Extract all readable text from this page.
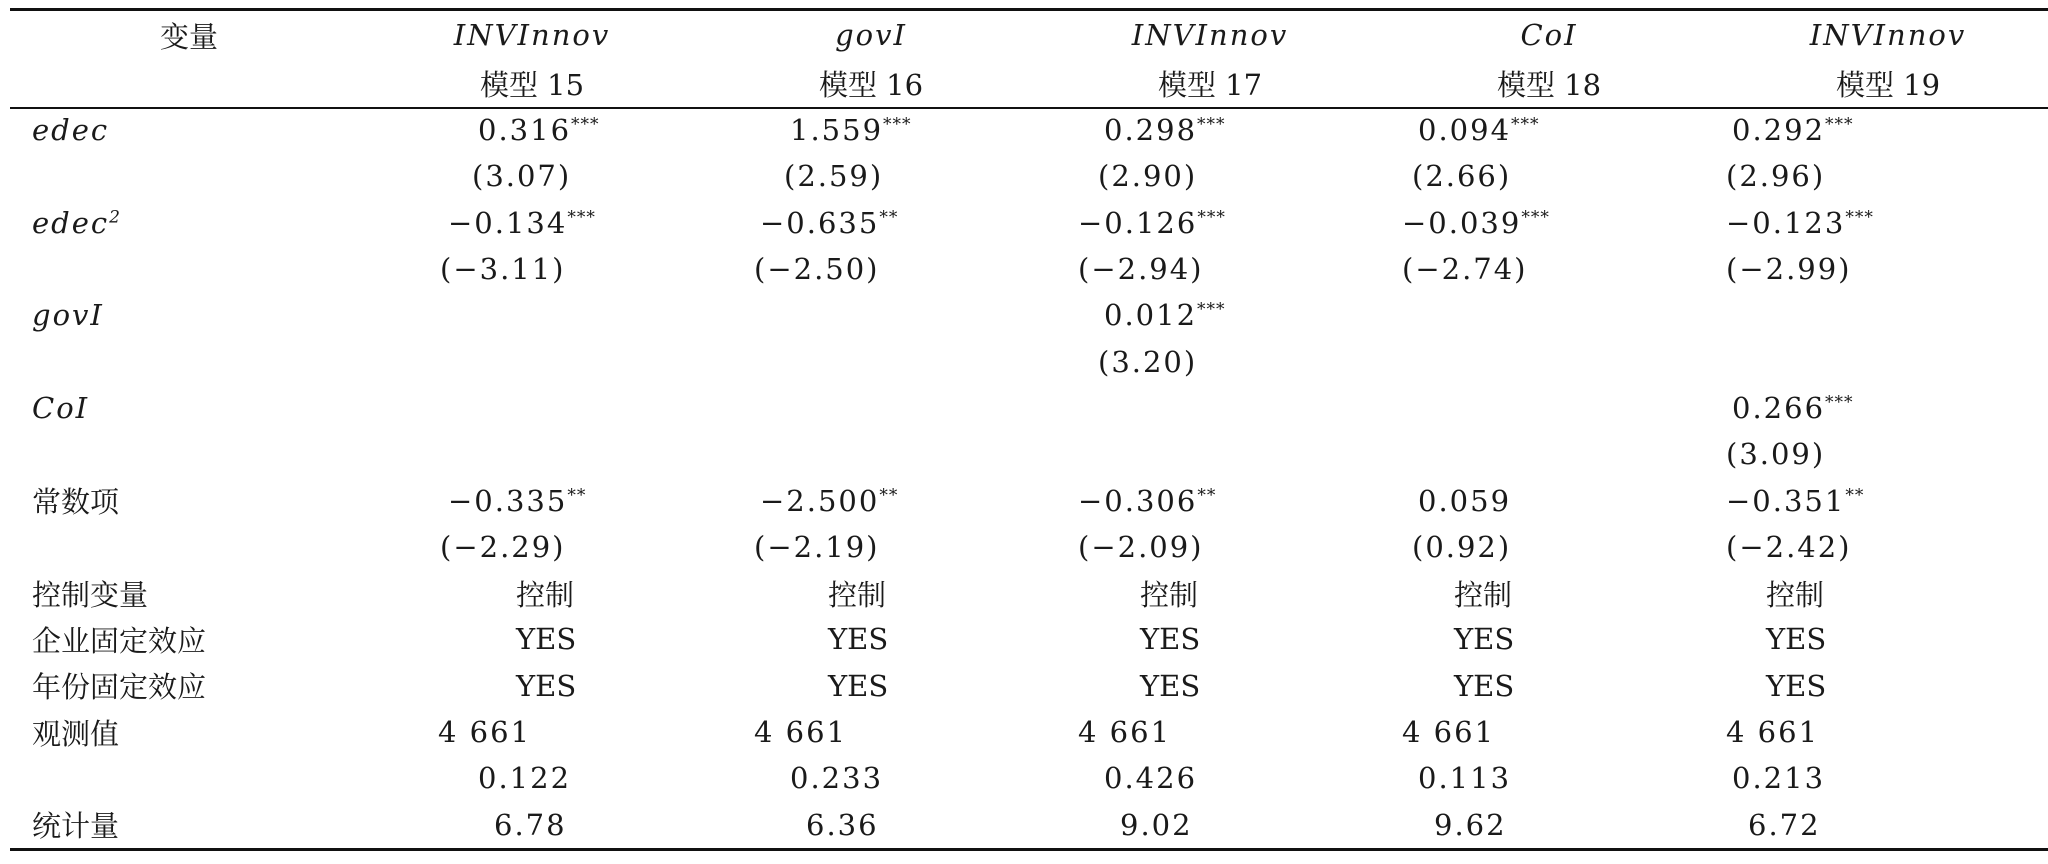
变量	INVInnov	govI	INVInnov	CoI	INVInnov
	模型 15	模型 16	模型 17	模型 18	模型 19
edec	0.316***	1.559***	0.298***	0.094***	0.292***
	(3.07)	(2.59)	(2.90)	(2.66)	(2.96)
edec$^2$	−0.134***	−0.635**	−0.126***	−0.039***	−0.123***
	(−3.11)	(−2.50)	(−2.94)	(−2.74)	(−2.99)
govI			0.012***		
			(3.20)		
CoI					0.266***
					(3.09)
常数项	−0.335**	−2.500**	−0.306**	0.059	−0.351**
	(−2.29)	(−2.19)	(−2.09)	(0.92)	(−2.42)
控制变量	控制	控制	控制	控制	控制
企业固定效应	YES	YES	YES	YES	YES
年份固定效应	YES	YES	YES	YES	YES
观测值	4 661	4 661	4 661	4 661	4 661
	0.122	0.233	0.426	0.113	0.213
统计量	6.78	6.36	9.02	9.62	6.72
